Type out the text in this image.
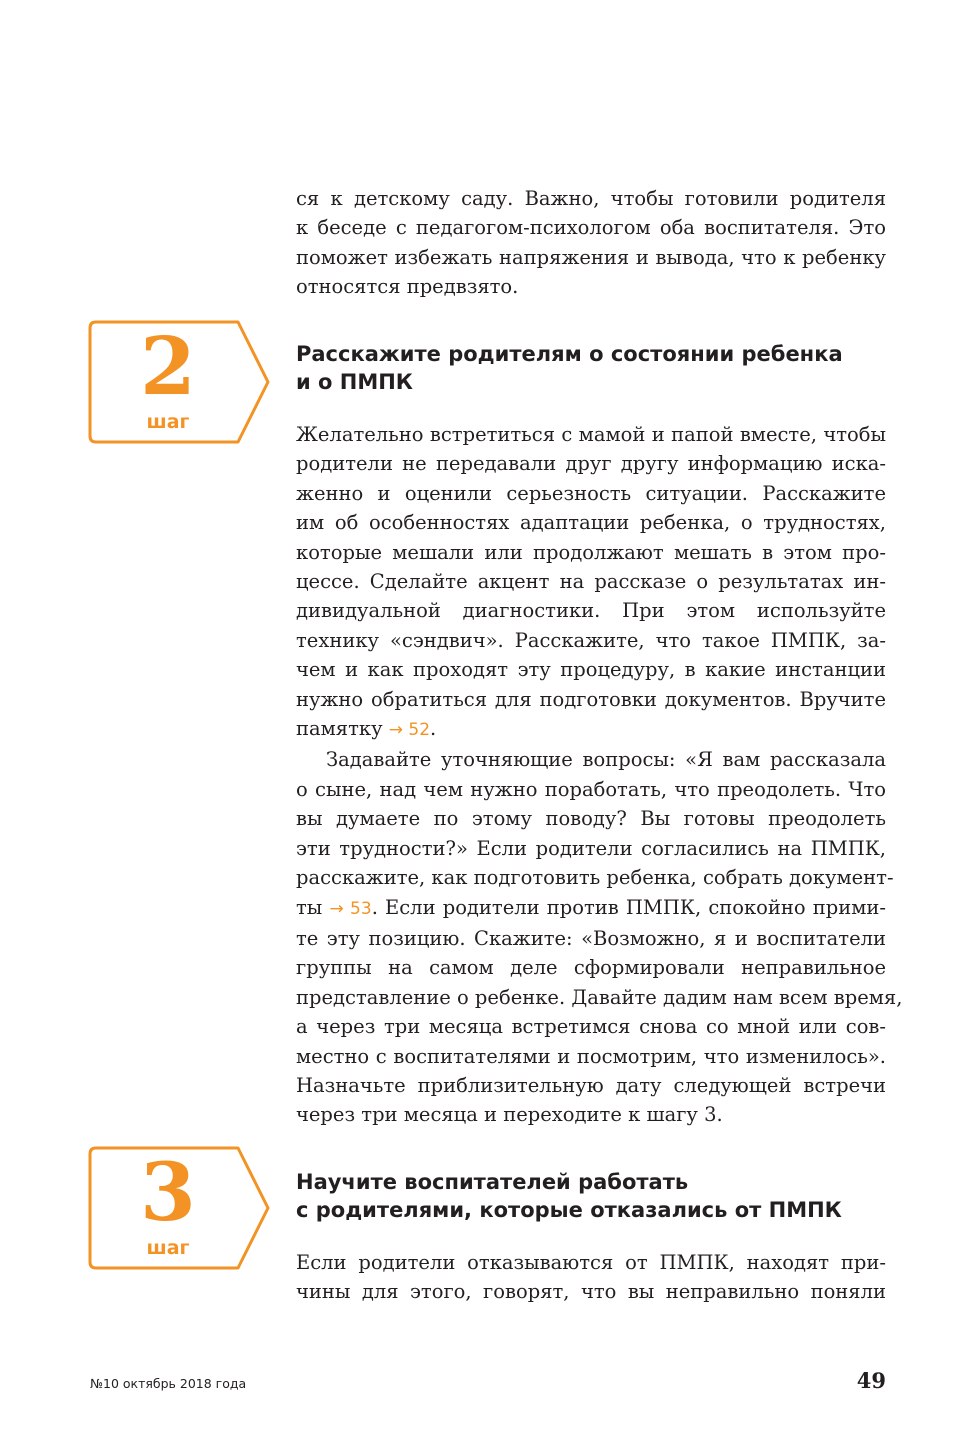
ся к детскому саду. Важно, чтобы готовили родителя
к беседе с педагогом-психологом оба воспитателя. Это
поможет избежать напряжения и вывода, что к ребенку
относятся предвзято.
2
шаг
Расскажите родителям о состоянии ребенка
и о ПМПК
Желательно встретиться с мамой и папой вместе, чтобы
родители не передавали друг другу информацию иска-
женно и оценили серьезность ситуации. Расскажите
им об особенностях адаптации ребенка, о трудностях,
которые мешали или продолжают мешать в этом про-
цессе. Сделайте акцент на рассказе о результатах ин-
дивидуальной диагностики. При этом используйте
технику «сэндвич». Расскажите, что такое ПМПК, за-
чем и как проходят эту процедуру, в какие инстанции
нужно обратиться для подготовки документов. Вручите
памятку → 52.
Задавайте уточняющие вопросы: «Я вам рассказала
о сыне, над чем нужно поработать, что преодолеть. Что
вы думаете по этому поводу? Вы готовы преодолеть
эти трудности?» Если родители согласились на ПМПК,
расскажите, как подготовить ребенка, собрать документ-
ты → 53. Если родители против ПМПК, спокойно прими-
те эту позицию. Скажите: «Возможно, я и воспитатели
группы на самом деле сформировали неправильное
представление о ребенке. Давайте дадим нам всем время,
а через три месяца встретимся снова со мной или сов-
местно с воспитателями и посмотрим, что изменилось».
Назначьте приблизительную дату следующей встречи
через три месяца и переходите к шагу 3.
3
шаг
Научите воспитателей работать
с родителями, которые отказались от ПМПК
Если родители отказываются от ПМПК, находят при-
чины для этого, говорят, что вы неправильно поняли
№10 октябрь 2018 года	49
